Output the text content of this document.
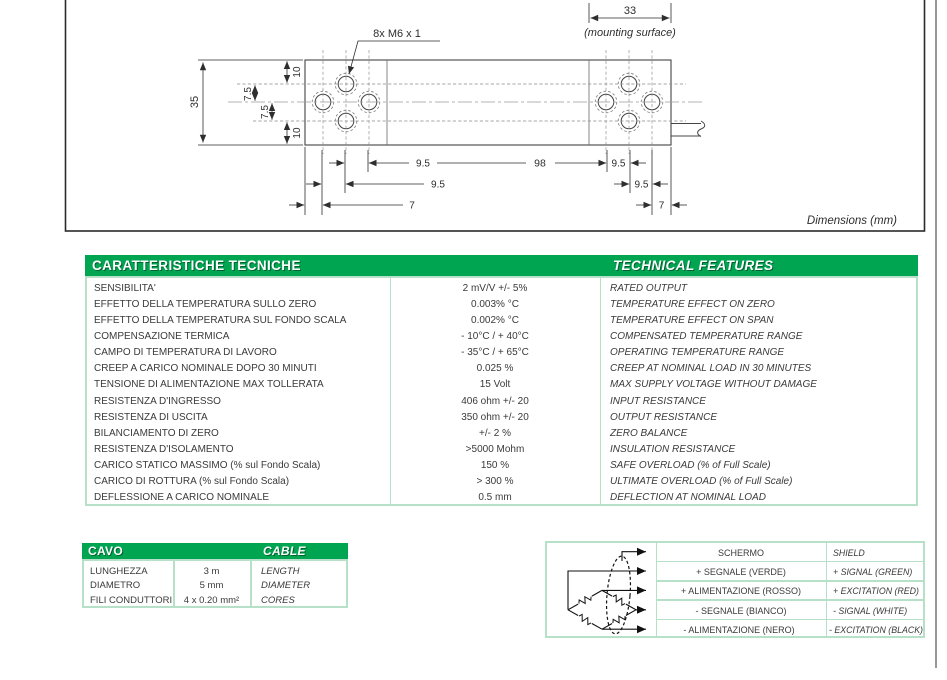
35
10
7.5
7.5
10
33
(mounting surface)
8x M6 x 1
9.5	98
9.5
7
9.5
9.5
7
Dimensions (mm)
CARATTERISTICHE TECNICHE	TECHNICAL FEATURES
SENSIBILITA'	2 mV/V +/- 5%	RATED OUTPUT
EFFETTO DELLA TEMPERATURA SULLO ZERO	0.003% °C	TEMPERATURE EFFECT ON ZERO
EFFETTO DELLA TEMPERATURA SUL FONDO SCALA	0.002% °C	TEMPERATURE EFFECT ON SPAN
COMPENSAZIONE TERMICA	- 10°C / + 40°C	COMPENSATED TEMPERATURE RANGE
CAMPO DI TEMPERATURA DI LAVORO	- 35°C / + 65°C	OPERATING TEMPERATURE RANGE
CREEP A CARICO NOMINALE DOPO 30 MINUTI	0.025 %	CREEP AT NOMINAL LOAD IN 30 MINUTES
TENSIONE DI ALIMENTAZIONE MAX TOLLERATA	15 Volt	MAX SUPPLY VOLTAGE WITHOUT DAMAGE
RESISTENZA D'INGRESSO	406 ohm +/- 20	INPUT RESISTANCE
RESISTENZA DI USCITA	350 ohm +/- 20	OUTPUT RESISTANCE
BILANCIAMENTO DI ZERO	+/- 2 %	ZERO BALANCE
RESISTENZA D'ISOLAMENTO	>5000 Mohm	INSULATION RESISTANCE
CARICO STATICO MASSIMO (% sul Fondo Scala)	150 %	SAFE OVERLOAD (% of Full Scale)
CARICO DI ROTTURA (% sul Fondo Scala)	> 300 %	ULTIMATE OVERLOAD (% of Full Scale)
DEFLESSIONE A CARICO NOMINALE	0.5 mm	DEFLECTION AT NOMINAL LOAD
CAVO	CABLE
LUNGHEZZA	3 m	LENGTH
DIAMETRO	5 mm	DIAMETER
FILI CONDUTTORI	4 x 0.20 mm²	CORES
SCHERMO	SHIELD
+ SEGNALE (VERDE)	+ SIGNAL (GREEN)
+ ALIMENTAZIONE (ROSSO)	+ EXCITATION (RED)
- SEGNALE (BIANCO)	- SIGNAL (WHITE)
- ALIMENTAZIONE (NERO)	- EXCITATION (BLACK)
